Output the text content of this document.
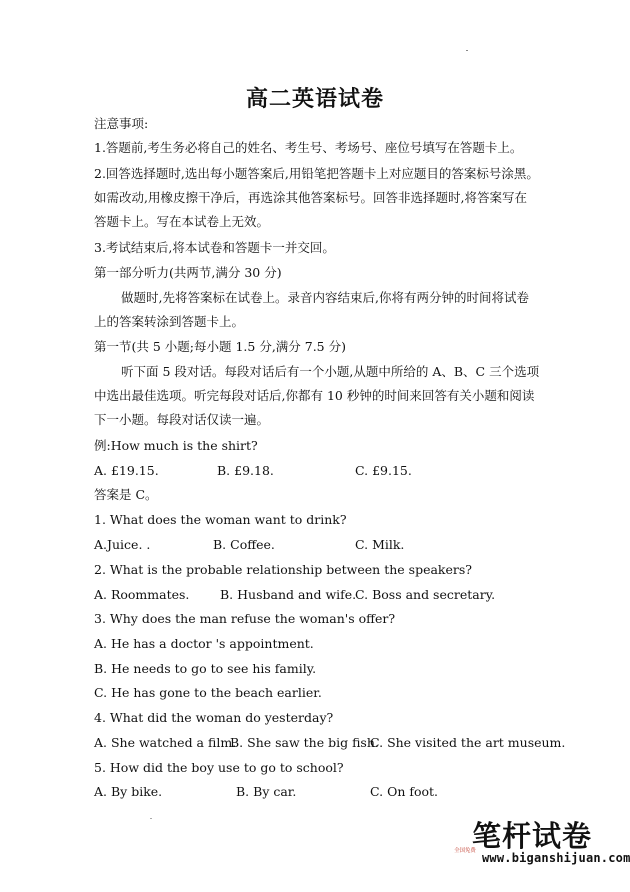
高二英语试卷
注意事项:
1.答题前,考生务必将自己的姓名、考生号、考场号、座位号填写在答题卡上。
2.回答选择题时,选出每小题答案后,用铅笔把答题卡上对应题目的答案标号涂黑。
如需改动,用橡皮擦干净后，再选涂其他答案标号。回答非选择题时,将答案写在
答题卡上。写在本试卷上无效。
3.考试结束后,将本试卷和答题卡一并交回。
第一部分听力(共两节,满分 30 分)
做题时,先将答案标在试卷上。录音内容结束后,你将有两分钟的时间将试卷
上的答案转涂到答题卡上。
第一节(共 5 小题;每小题 1.5 分,满分 7.5 分)
听下面 5 段对话。每段对话后有一个小题,从题中所给的 A、B、C 三个选项
中选出最佳选项。听完每段对话后,你都有 10 秒钟的时间来回答有关小题和阅读
下一小题。每段对话仅读一遍。
例:How much is the shirt?
A. £19.15.	B. £9.18.	C. £9.15.
答案是 C。
1. What does the woman want to drink?
A.Juice. .	B. Coffee.	C. Milk.
2. What is the probable relationship between the speakers?
A. Roommates. B. Husband and wife.
C. Boss and secretary.
3. Why does the man refuse the woman's offer?
A. He has a doctor 's appointment.
B. He needs to go to see his family.
C. He has gone to the beach earlier.
4. What did the woman do yesterday?
A. She watched a film.
B. She saw the big fish.
C. She visited the art museum.
5. How did the boy use to go to school?
A. By bike.	B. By car.	C. On foot.
笔杆试卷
全国免费
www.biganshijuan.com
